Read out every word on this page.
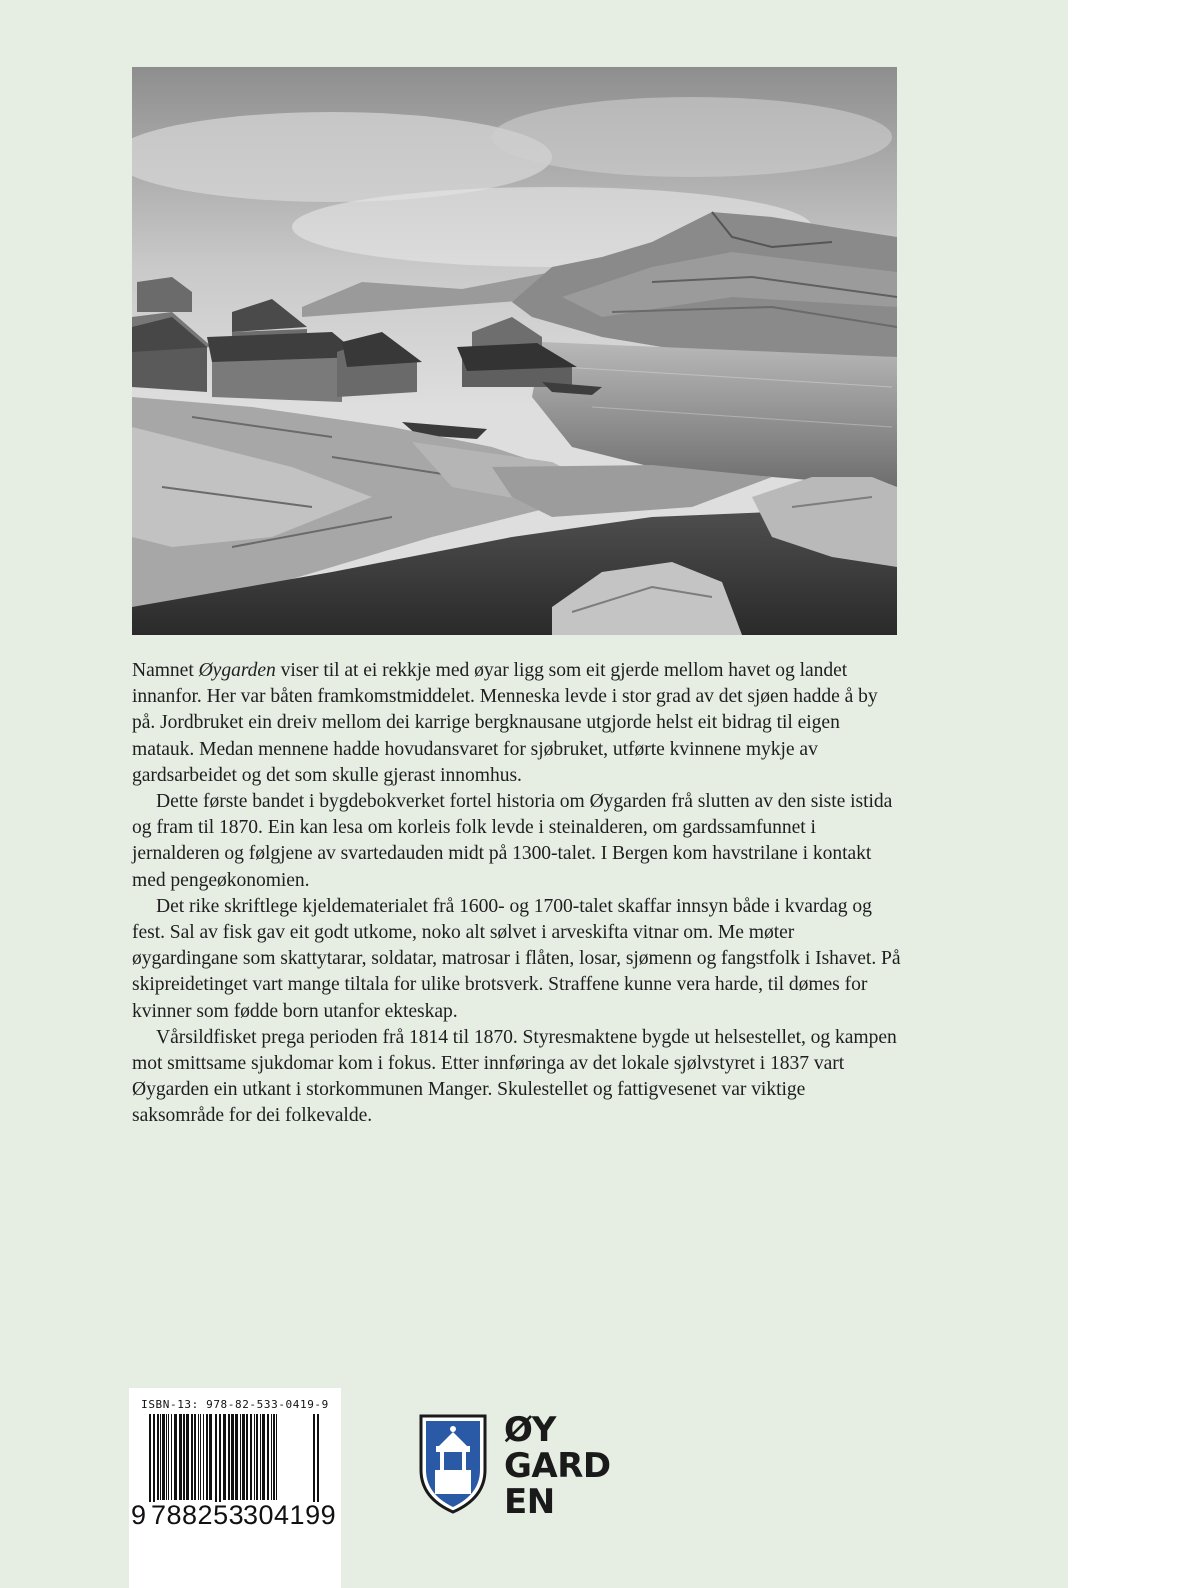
Namnet Øygarden viser til at ei rekkje med øyar ligg som eit gjerde mellom havet og landet innanfor. Her var båten framkomstmiddelet. Menneska levde i stor grad av det sjøen hadde å by på. Jordbruket ein dreiv mellom dei karrige bergknausane utgjorde helst eit bidrag til eigen matauk. Medan mennene hadde hovudansvaret for sjøbruket, utførte kvinnene mykje av gardsarbeidet og det som skulle gjerast innomhus.

Dette første bandet i bygdebokverket fortel historia om Øygarden frå slutten av den siste istida og fram til 1870. Ein kan lesa om korleis folk levde i steinalderen, om gardssamfunnet i jernalderen og følgjene av svartedauden midt på 1300-talet. I Bergen kom havstrilane i kontakt med pengeøkonomien.

Det rike skriftlege kjeldematerialet frå 1600- og 1700-talet skaffar innsyn både i kvardag og fest. Sal av fisk gav eit godt utkome, noko alt sølvet i arveskifta vitnar om. Me møter øygardingane som skattytarar, soldatar, matrosar i flåten, losar, sjømenn og fangstfolk i Ishavet. På skipreidetinget vart mange tiltala for ulike brotsverk. Straffene kunne vera harde, til dømes for kvinner som fødde born utanfor ekteskap.

Vårsildfisket prega perioden frå 1814 til 1870. Styresmaktene bygde ut helsestellet, og kampen mot smittsame sjukdomar kom i fokus. Etter innføringa av det lokale sjølvstyret i 1837 vart Øygarden ein utkant i storkommunen Manger. Skulestellet og fattigvesenet var viktige saksområde for dei folkevalde.

ISBN-13: 978-82-533-0419-9
9 788253
304199
ØY
GARD
EN
